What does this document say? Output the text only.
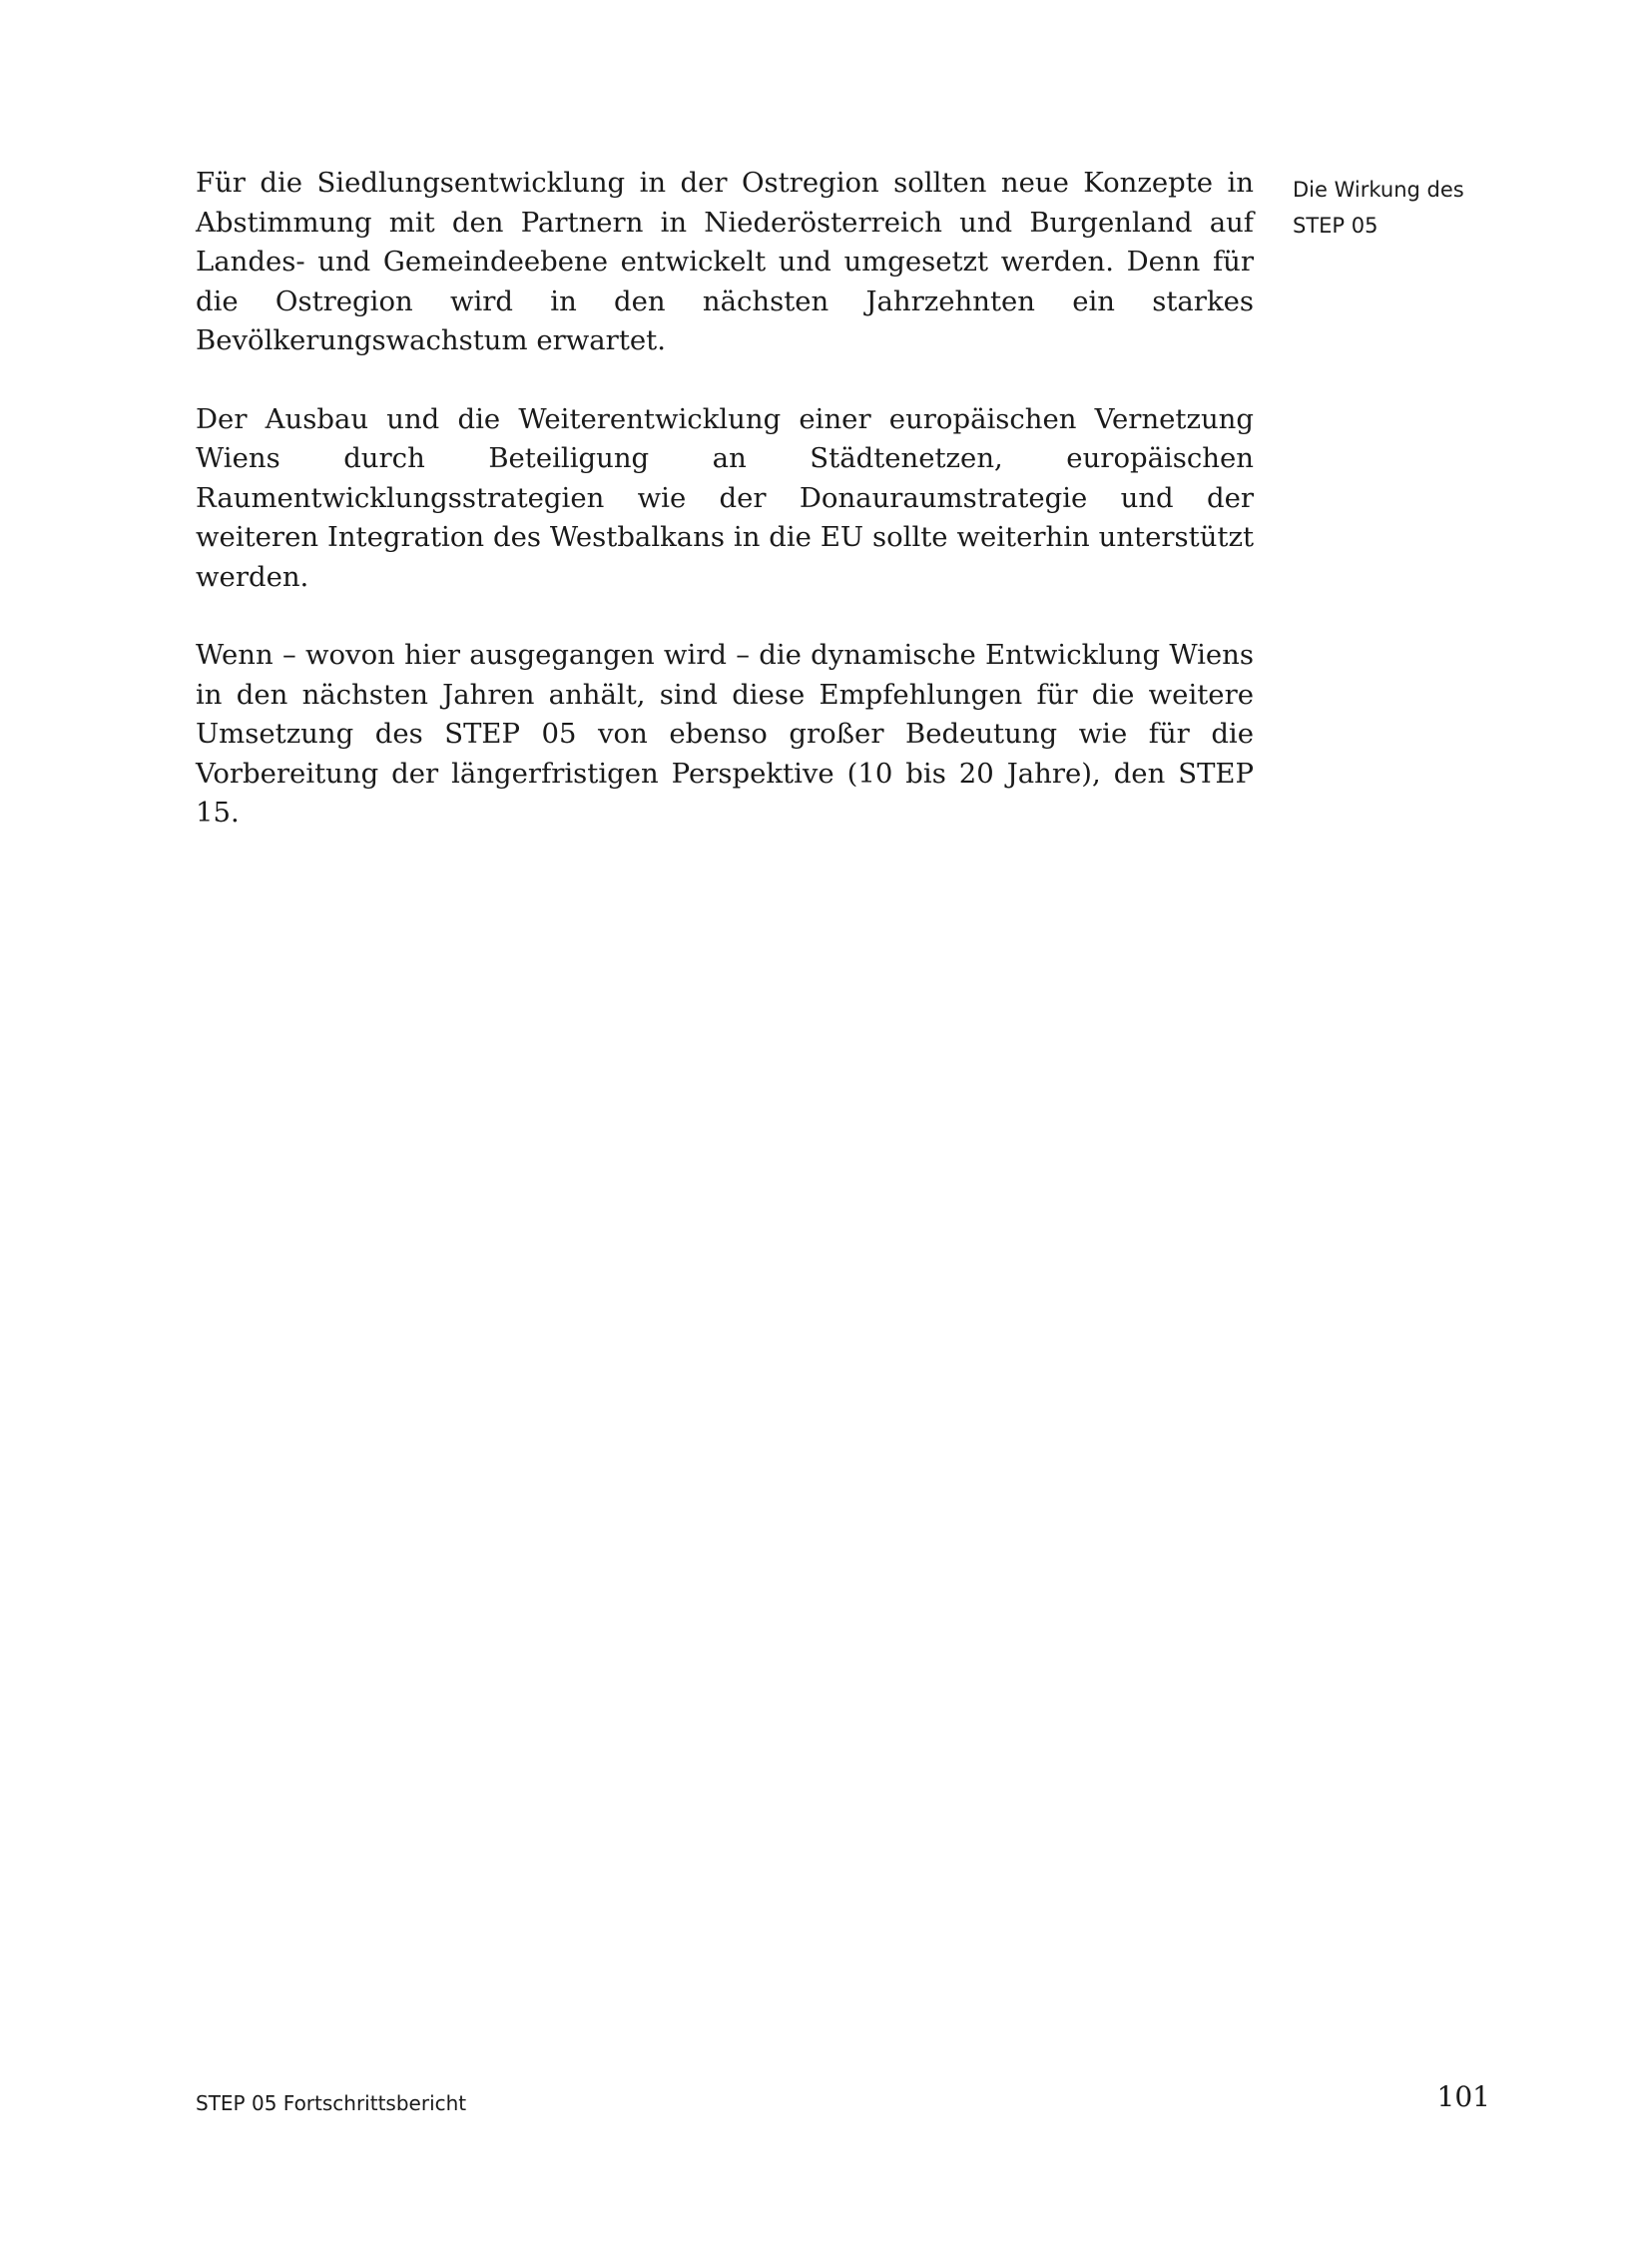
Für die Siedlungsentwicklung in der Ostregion sollten neue Konzepte in Abstimmung mit den Partnern in Niederösterreich und Burgenland auf Landes- und Gemeindeebene entwickelt und umgesetzt werden. Denn für die Ostregion wird in den nächsten Jahrzehnten ein starkes Bevölkerungswachstum erwartet.

Der Ausbau und die Weiterentwicklung einer europäischen Vernetzung Wiens durch Beteiligung an Städtenetzen, europäischen Raumentwicklungsstrategien wie der Donauraumstrategie und der weiteren Integration des Westbalkans in die EU sollte weiterhin unterstützt werden.

Wenn – wovon hier ausgegangen wird – die dynamische Entwicklung Wiens in den nächsten Jahren anhält, sind diese Empfehlungen für die weitere Umsetzung des STEP 05 von ebenso großer Bedeutung wie für die Vorbereitung der längerfristigen Perspektive (10 bis 20 Jahre), den STEP 15.

Die Wirkung des
STEP 05
STEP 05 Fortschrittsbericht	101
